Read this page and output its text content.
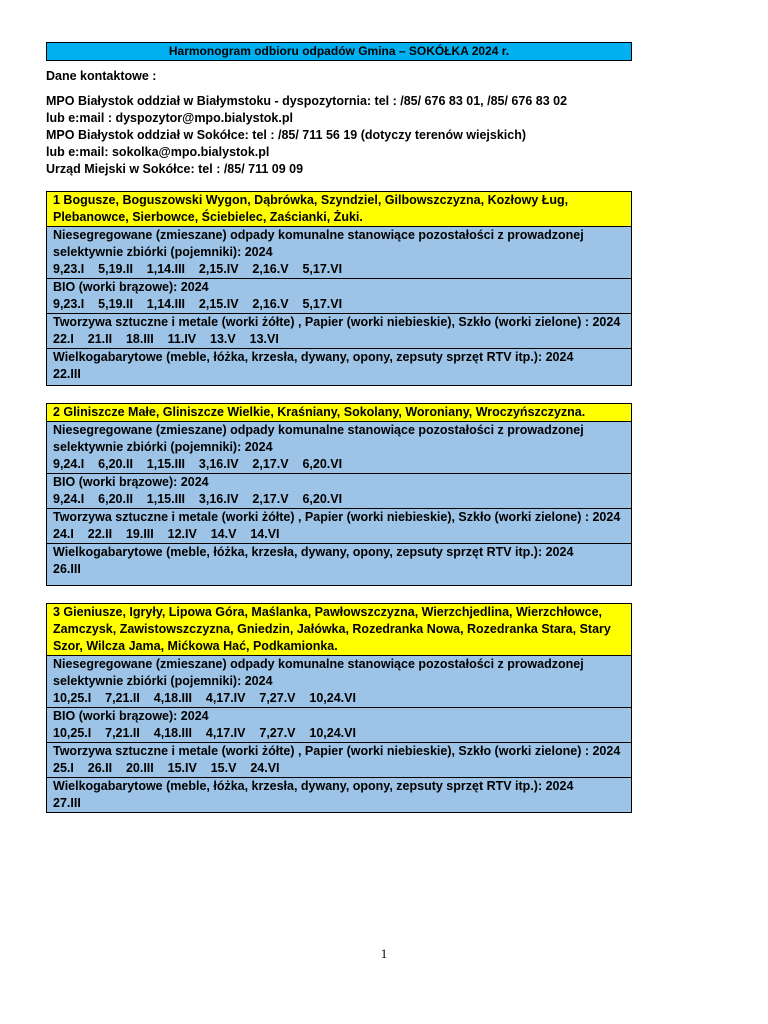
Harmonogram odbioru odpadów Gmina – SOKÓŁKA 2024 r.
Dane kontaktowe :
MPO Białystok oddział w Białymstoku - dyspozytornia: tel : /85/ 676 83 01, /85/ 676 83 02
lub e:mail : dyspozytor@mpo.bialystok.pl
MPO Białystok oddział w Sokółce: tel : /85/ 711 56 19 (dotyczy terenów wiejskich)
lub e:mail: sokolka@mpo.bialystok.pl
Urząd Miejski w Sokółce: tel : /85/ 711 09 09
1 Bogusze, Boguszowski Wygon, Dąbrówka, Szyndziel, Gilbowszczyzna, Kozłowy Ług, Plebanowce, Sierbowce, Ściebielec, Zaścianki, Żuki.
Niesegregowane (zmieszane) odpady komunalne stanowiące pozostałości z prowadzonej selektywnie zbiórki (pojemniki): 2024
9,23.I    5,19.II    1,14.III    2,15.IV    2,16.V    5,17.VI
BIO (worki brązowe): 2024
9,23.I    5,19.II    1,14.III    2,15.IV    2,16.V    5,17.VI
Tworzywa sztuczne i metale (worki żółte) , Papier (worki niebieskie), Szkło (worki zielone) : 2024
22.I    21.II    18.III    11.IV    13.V    13.VI
Wielkogabarytowe (meble, łóżka, krzesła, dywany, opony, zepsuty sprzęt RTV itp.): 2024
22.III
2 Gliniszcze Małe, Gliniszcze Wielkie, Kraśniany, Sokolany, Woroniany, Wroczyńszczyzna.
Niesegregowane (zmieszane) odpady komunalne stanowiące pozostałości z prowadzonej selektywnie zbiórki (pojemniki): 2024
9,24.I    6,20.II    1,15.III    3,16.IV    2,17.V    6,20.VI
BIO (worki brązowe): 2024
9,24.I    6,20.II    1,15.III    3,16.IV    2,17.V    6,20.VI
Tworzywa sztuczne i metale (worki żółte) , Papier (worki niebieskie), Szkło (worki zielone) : 2024
24.I    22.II    19.III    12.IV    14.V    14.VI
Wielkogabarytowe (meble, łóżka, krzesła, dywany, opony, zepsuty sprzęt RTV itp.): 2024
26.III
3 Gieniusze, Igryły, Lipowa Góra, Maślanka, Pawłowszczyzna, Wierzchjedlina, Wierzchłowce, Zamczysk, Zawistowszczyzna, Gniedzin, Jałówka, Rozedranka Nowa, Rozedranka Stara, Stary Szor, Wilcza Jama, Mićkowa Hać, Podkamionka.
Niesegregowane (zmieszane) odpady komunalne stanowiące pozostałości z prowadzonej selektywnie zbiórki (pojemniki): 2024
10,25.I    7,21.II    4,18.III    4,17.IV    7,27.V    10,24.VI
BIO (worki brązowe): 2024
10,25.I    7,21.II    4,18.III    4,17.IV    7,27.V    10,24.VI
Tworzywa sztuczne i metale (worki żółte) , Papier (worki niebieskie), Szkło (worki zielone) : 2024
25.I    26.II    20.III    15.IV    15.V    24.VI
Wielkogabarytowe (meble, łóżka, krzesła, dywany, opony, zepsuty sprzęt RTV itp.): 2024
27.III
1
